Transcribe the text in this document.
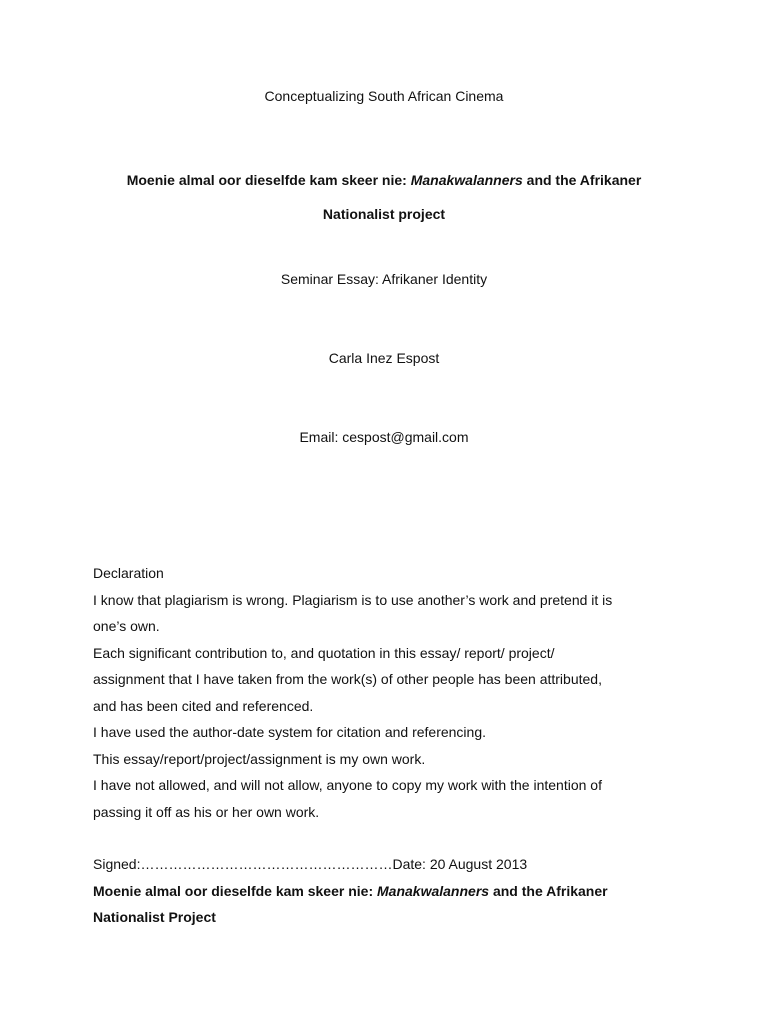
Conceptualizing South African Cinema
Moenie almal oor dieselfde kam skeer nie: Manakwalanners and the Afrikaner
Nationalist project
Seminar Essay: Afrikaner Identity
Carla Inez Espost
Email: cespost@gmail.com

Declaration

I know that plagiarism is wrong. Plagiarism is to use another’s work and pretend it is

one’s own.

Each significant contribution to, and quotation in this essay/ report/ project/

assignment that I have taken from the work(s) of other people has been attributed,

and has been cited and referenced.

I have used the author-date system for citation and referencing.

This essay/report/project/assignment is my own work.

I have not allowed, and will not allow, anyone to copy my work with the intention of

passing it off as his or her own work.

Signed:………………………………………………Date: 20 August 2013

Moenie almal oor dieselfde kam skeer nie: Manakwalanners and the Afrikaner

Nationalist Project
